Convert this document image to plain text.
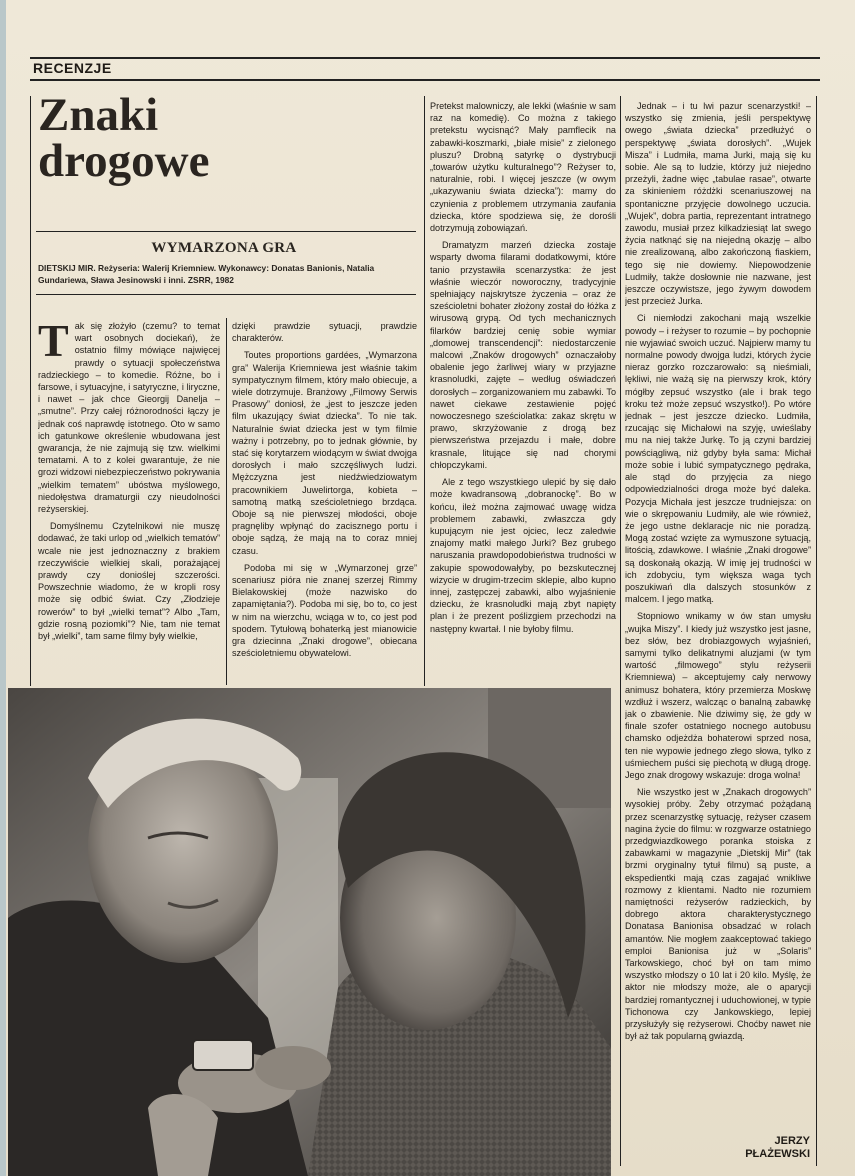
RECENZJE
Znaki
drogowe
WYMARZONA GRA
DIETSKIJ MIR. Reżyseria: Walerij Kriemniew. Wykonawcy: Donatas Banionis, Natalia Gundariewa, Sława Jesinowski i inni. ZSRR, 1982

Tak się złożyło (czemu? to temat wart osobnych dociekań), że ostatnio filmy mówiące najwięcej prawdy o sytuacji społeczeństwa radzieckiego – to komedie. Różne, bo i farsowe, i sytuacyjne, i satyryczne, i liryczne, i nawet – jak chce Gieorgij Danelja – „smutne”. Przy całej różnorodności łączy je jednak coś naprawdę istotnego. Oto w samo ich gatunkowe określenie wbudowana jest gwarancja, że nie zajmują się tzw. wielkimi tematami. A to z kolei gwarantuje, że nie grozi widzowi niebezpieczeństwo pokrywania „wielkim tematem” ubóstwa myślowego, niedołęstwa dramaturgii czy nieudolności reżyserskiej.

Domyślnemu Czytelnikowi nie muszę dodawać, że taki urlop od „wielkich tematów” wcale nie jest jednoznaczny z brakiem rzeczywiście wielkiej skali, porażającej prawdy czy donioślej szczerości. Powszechnie wiadomo, że w kropli rosy może się odbić świat. Czy „Złodzieje rowerów” to był „wielki temat”? Albo „Tam, gdzie rosną poziomki”? Nie, tam nie temat był „wielki”, tam same filmy były wielkie,

dzięki prawdzie sytuacji, prawdzie charakterów.

Toutes proportions gardées, „Wymarzona gra” Walerija Kriemniewa jest właśnie takim sympatycznym filmem, który mało obiecuje, a wiele dotrzymuje. Branżowy „Filmowy Serwis Prasowy” doniosł, że „jest to jeszcze jeden film ukazujący świat dziecka”. To nie tak. Naturalnie świat dziecka jest w tym filmie ważny i potrzebny, po to jednak głównie, by stać się korytarzem wiodącym w świat dwojga dorosłych i mało szczęśliwych ludzi. Mężczyzna jest niedźwiedziowatym pracownikiem Juwelirtorga, kobieta – samotną matką sześcioletniego brzdąca. Oboje są nie pierwszej młodości, oboje pragnęliby wpłynąć do zacisznego portu i oboje sądzą, że mają na to coraz mniej czasu.

Podoba mi się w „Wymarzonej grze” scenariusz pióra nie znanej szerzej Rimmy Bielakowskiej (może nazwisko do zapamiętania?). Podoba mi się, bo to, co jest w nim na wierzchu, wciąga w to, co jest pod spodem. Tytułową bohaterką jest mianowicie gra dziecinna „Znaki drogowe”, obiecana sześcioletniemu obywatelowi.

Pretekst malowniczy, ale lekki (właśnie w sam raz na komedię). Co można z takiego pretekstu wycisnąć? Mały pamflecik na zabawki-koszmarki, „białe misie” z zielonego pluszu? Drobną satyrkę o dystrybucji „towarów użytku kulturalnego”? Reżyser to, naturalnie, robi. I więcej jeszcze (w owym „ukazywaniu świata dziecka”): mamy do czynienia z problemem utrzymania zaufania dziecka, które spodziewa się, że dorośli dotrzymują zobowiązań.

Dramatyzm marzeń dziecka zostaje wsparty dwoma filarami dodatkowymi, które tanio przystawiła scenarzystka: że jest właśnie wieczór noworoczny, tradycyjnie spełniający najskrytsze życzenia – oraz że sześcioletni bohater złożony został do łóżka z wirusową grypą. Od tych mechanicznych filarków bardziej cenię sobie wymiar „domowej transcendencji”: niedostarczenie malcowi „Znaków drogowych” oznaczałoby obalenie jego żarliwej wiary w przyjazne krasnoludki, zajęte – według oświadczeń dorosłych – zorganizowaniem mu zabawki. To nawet ciekawe zestawienie pojęć nowoczesnego sześciolatka: zakaz skrętu w prawo, skrzyżowanie z drogą bez pierwszeństwa przejazdu i małe, dobre krasnale, litujące się nad chorymi chłopczykami.

Ale z tego wszystkiego ulepić by się dało może kwadransową „dobranockę”. Bo w końcu, ileż można zajmować uwagę widza problemem zabawki, zwłaszcza gdy kupującym nie jest ojciec, lecz zaledwie znajomy matki małego Jurki? Bez grubego naruszania prawdopodobieństwa trudności w zakupie spowodowałyby, po bezskutecznej wizycie w drugim-trzecim sklepie, albo kupno innej, zastępczej zabawki, albo wyjaśnienie dziecku, że krasnoludki mają zbyt napięty plan i że prezent poślizgiem przechodzi na następny kwartał. I nie byłoby filmu.

Jednak – i tu lwi pazur scenarzystki! – wszystko się zmienia, jeśli perspektywę owego „świata dziecka” przedłużyć o perspektywę „świata dorosłych”. „Wujek Misza” i Ludmiła, mama Jurki, mają się ku sobie. Ale są to ludzie, którzy już niejedno przeżyli, żadne więc „tabulae rasae”, otwarte za skinieniem różdżki scenariuszowej na spontaniczne przyjęcie dowolnego uczucia. „Wujek”, dobra partia, reprezentant intratnego zawodu, musiał przez kilkadziesiąt lat swego życia natknąć się na niejedną okazję – albo nie zrealizowaną, albo zakończoną fiaskiem, tego się nie dowiemy. Niepowodzenie Ludmiły, także dosłownie nie nazwane, jest jeszcze oczywistsze, jego żywym dowodem jest przecież Jurka.

Ci niemłodzi zakochani mają wszelkie powody – i reżyser to rozumie – by pochopnie nie wyjawiać swoich uczuć. Najpierw mamy tu normalne powody dwojga ludzi, których życie nieraz gorzko rozczarowało: są nieśmiali, lękliwi, nie ważą się na pierwszy krok, który mógłby zepsuć wszystko (ale i brak tego kroku też może zepsuć wszystko!). Po wtóre jednak – jest jeszcze dziecko. Ludmiła, rzucając się Michałowi na szyję, uwieślaby mu na niej także Jurkę. To ją czyni bardziej powściągliwą, niż gdyby była sama: Michał może sobie i lubić sympatycznego pędraka, ale stąd do przyjęcia za niego odpowiedzialności droga może być daleka. Pozycja Michała jest jeszcze trudniejsza: on wie o skrępowaniu Ludmiły, ale wie również, że jego ustne deklaracje nic nie poradzą. Mogą zostać wzięte za wymuszone sytuacją, litością, zdawkowe. I właśnie „Znaki drogowe” są doskonałą okazją. W imię jej trudności w ich zdobyciu, tym większa waga tych poszukiwań dla dalszych stosunków z malcem. I jego matką.

Stopniowo wnikamy w ów stan umysłu „wujka Miszy”. I kiedy już wszystko jest jasne, bez słów, bez drobiazgowych wyjaśnień, samymi tylko delikatnymi aluzjami (w tym wartość „filmowego” stylu reżyserii Kriemniewa) – akceptujemy cały nerwowy animusz bohatera, który przemierza Moskwę wzdłuż i wszerz, walcząc o banalną zabawkę jak o zbawienie. Nie dziwimy się, że gdy w finale szofer ostatniego nocnego autobusu chamsko odjeżdża bohaterowi sprzed nosa, ten nie wypowie jednego złego słowa, tylko z uśmiechem puści się piechotą w długą drogę. Jego znak drogowy wskazuje: droga wolna!

Nie wszystko jest w „Znakach drogowych” wysokiej próby. Żeby otrzymać pożądaną przez scenarzystkę sytuację, reżyser czasem nagina życie do filmu: w rozgwarze ostatniego przedgwiazdkowego poranka stoiska z zabawkami w magazynie „Dietskij Mir” (tak brzmi oryginalny tytuł filmu) są puste, a ekspedientki mają czas zagajać wnikliwe rozmowy z klientami. Nadto nie rozumiem namiętności reżyserów radzieckich, by dobrego aktora charakterystycznego Donatasa Banionisa obsadzać w rolach amantów. Nie mogłem zaakceptować takiego emploi Banionisa już w „Solaris” Tarkowskiego, choć był on tam mimo wszystko młodszy o 10 lat i 20 kilo. Myślę, że aktor nie młodszy może, ale o aparycji bardziej romantycznej i uduchowionej, w typie Tichonowa czy Jankowskiego, lepiej przysłużyły się reżyserowi. Choćby nawet nie był aż tak popularną gwiazdą.

JERZY
PŁAŻEWSKI
